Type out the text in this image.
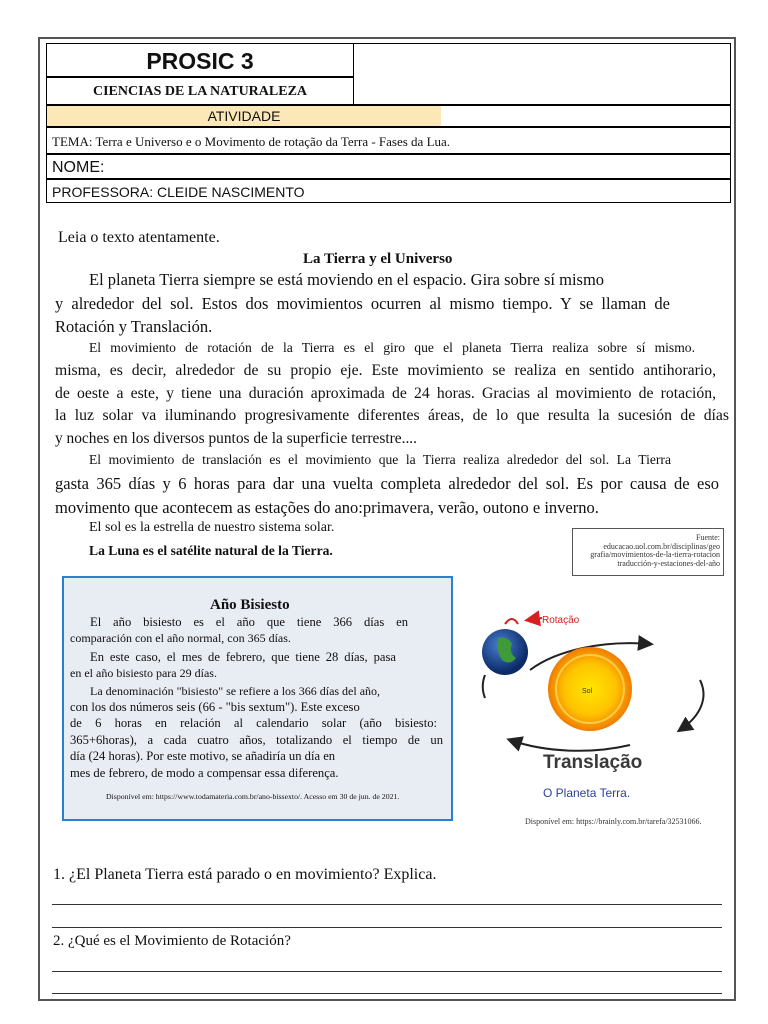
PROSIC 3
CIENCIAS DE LA NATURALEZA
ATIVIDADE
TEMA: Terra e Universo e o Movimento de rotação da Terra - Fases da Lua.
NOME:
PROFESSORA: CLEIDE NASCIMENTO
Leia o texto atentamente.
La Tierra y el Universo
El planeta Tierra siempre se está moviendo en el espacio. Gira sobre sí mismo
y alrededor del sol. Estos dos movimientos ocurren al mismo tiempo. Y se llaman de
Rotación y Translación.
El movimiento de rotación de la Tierra es el giro que el planeta Tierra realiza sobre sí mismo.
misma, es decir, alrededor de su propio eje. Este movimiento se realiza en sentido antihorario,
de oeste a este, y tiene una duración aproximada de 24 horas. Gracias al movimiento de rotación,
la luz solar va iluminando progresivamente diferentes áreas, de lo que resulta la sucesión de días
y noches en los diversos puntos de la superficie terrestre....
El movimiento de translación es el movimiento que la Tierra realiza alrededor del sol. La Tierra
gasta 365 días y 6 horas para dar una vuelta completa alrededor del sol. Es por causa de eso
movimento que acontecem as estações do ano:primavera, verão, outono e inverno.
El sol es la estrella de nuestro sistema solar.
La Luna es el satélite natural de la Tierra.
Fuente:
educacao.uol.com.br/disciplinas/geo
grafia/movimientos-de-la-tierra-rotacion
traducción-y-estaciones-del-año
Año Bisiesto
El año bisiesto es el año que tiene 366 días en
comparación con el año normal, con 365 días.
En este caso, el mes de febrero, que tiene 28 días, pasa
en el año bisiesto para 29 días.
La denominación "bisiesto" se refiere a los 366 días del año,
con los dos números seis (66 - "bis sextum"). Este exceso
de 6 horas en relación al calendario solar (año bisiesto:
365+6horas), a cada cuatro años, totalizando el tiempo de un
día (24 horas). Por este motivo, se añadiría un día en
mes de febrero, de modo a compensar essa diferença.
Disponível em: https://www.todamateria.com.br/ano-bissexto/. Acesso em 30 de jun. de 2021.
Sol
Rotação
Translação
O Planeta Terra.
Disponível em: https://brainly.com.br/tarefa/32531066.
1. ¿El Planeta Tierra está parado o en movimiento? Explica.
2. ¿Qué es el Movimiento de Rotación?
